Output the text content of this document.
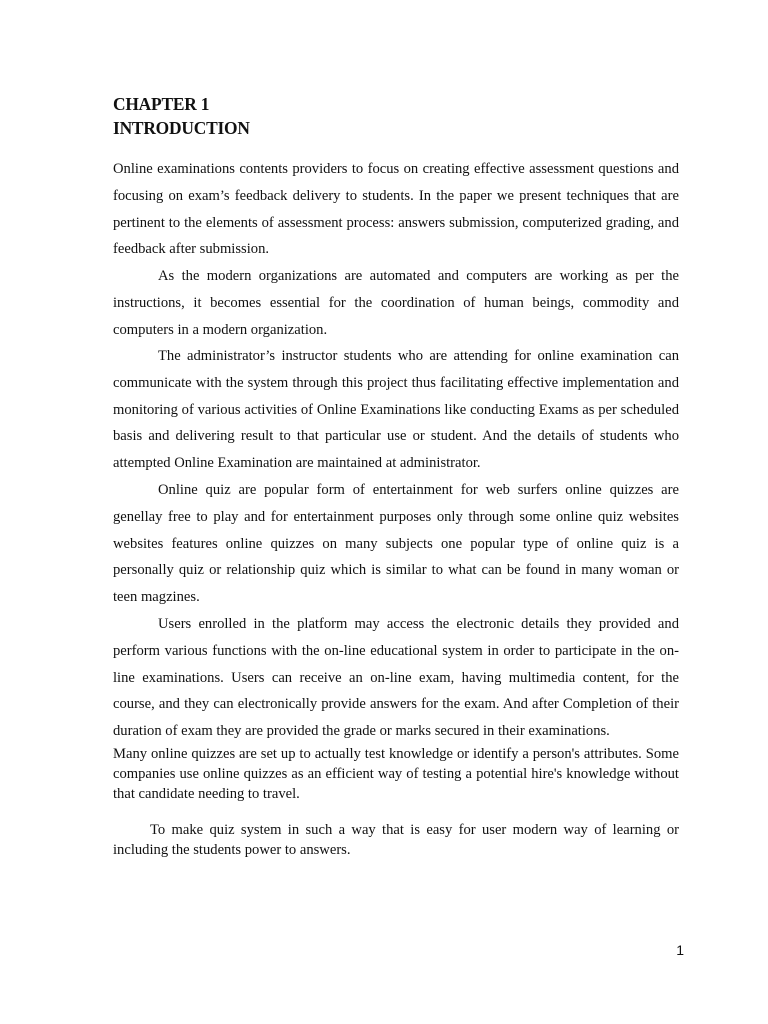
CHAPTER 1
INTRODUCTION

Online examinations contents providers to focus on creating effective assessment questions and focusing on exam’s feedback delivery to students. In the paper we present techniques that are pertinent to the elements of assessment process: answers submission, computerized grading, and feedback after submission.

As the modern organizations are automated and computers are working as per the instructions, it becomes essential for the coordination of human beings, commodity and computers in a modern organization.

The administrator’s instructor students who are attending for online examination can communicate with the system through this project thus facilitating effective implementation and monitoring of various activities of Online Examinations like conducting Exams as per scheduled basis and delivering result to that particular use or student. And the details of students who attempted Online Examination are maintained at administrator.

Online quiz are popular form of entertainment for web surfers online quizzes are genellay free to play and for entertainment purposes only through some online quiz websites websites features online quizzes on many subjects one popular type of online quiz is a personally quiz or relationship quiz which is similar to what can be found in many woman or teen magzines.

Users enrolled in the platform may access the electronic details they provided and perform various functions with the on-line educational system in order to participate in the on-line examinations. Users can receive an on-line exam, having multimedia content, for the course, and they can electronically provide answers for the exam. And after Completion of their duration of exam they are provided the grade or marks secured in their examinations.

Many online quizzes are set up to actually test knowledge or identify a person's attributes. Some companies use online quizzes as an efficient way of testing a potential hire's knowledge without that candidate needing to travel.

To make quiz system in such a way that is easy for user modern way of learning or including the students power to answers.

1
